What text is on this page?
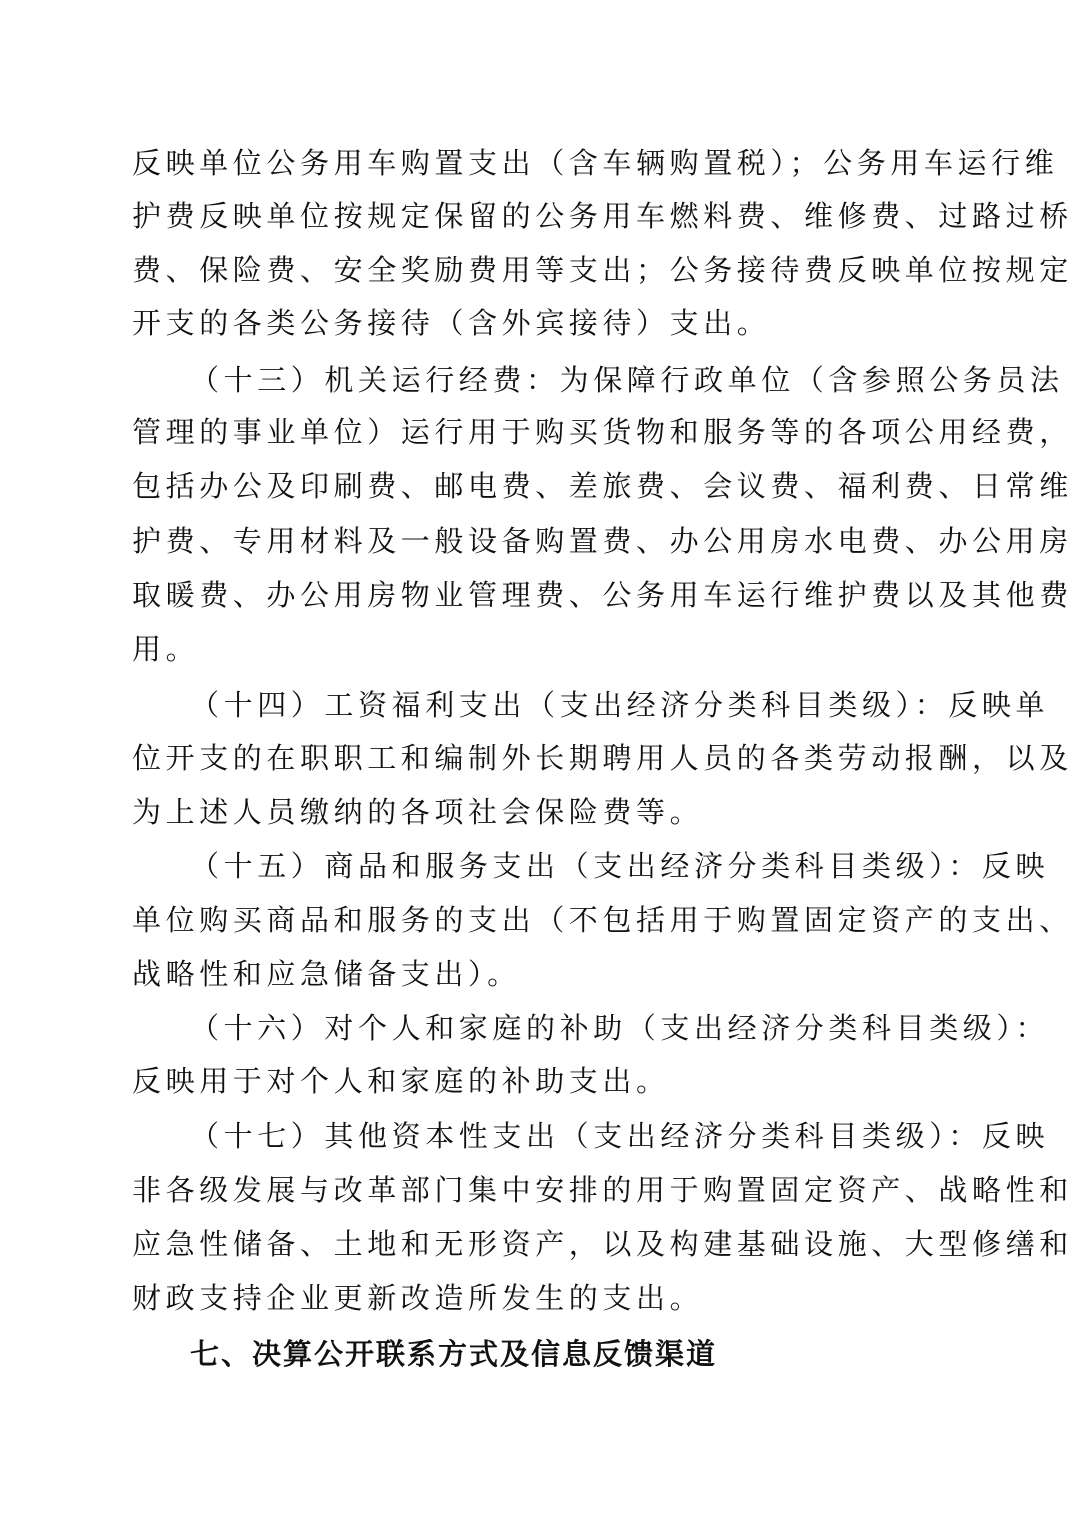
反映单位公务用车购置支出（含车辆购置税）；公务用车运行维
护费反映单位按规定保留的公务用车燃料费、维修费、过路过桥
费、保险费、安全奖励费用等支出；公务接待费反映单位按规定
开支的各类公务接待（含外宾接待）支出。
（十三）机关运行经费：为保障行政单位（含参照公务员法
管理的事业单位）运行用于购买货物和服务等的各项公用经费，
包括办公及印刷费、邮电费、差旅费、会议费、福利费、日常维
护费、专用材料及一般设备购置费、办公用房水电费、办公用房
取暖费、办公用房物业管理费、公务用车运行维护费以及其他费
用。
（十四）工资福利支出（支出经济分类科目类级）：反映单
位开支的在职职工和编制外长期聘用人员的各类劳动报酬，以及
为上述人员缴纳的各项社会保险费等。
（十五）商品和服务支出（支出经济分类科目类级）：反映
单位购买商品和服务的支出（不包括用于购置固定资产的支出、
战略性和应急储备支出）。
（十六）对个人和家庭的补助（支出经济分类科目类级）：
反映用于对个人和家庭的补助支出。
（十七）其他资本性支出（支出经济分类科目类级）：反映
非各级发展与改革部门集中安排的用于购置固定资产、战略性和
应急性储备、土地和无形资产，以及构建基础设施、大型修缮和
财政支持企业更新改造所发生的支出。
七、决算公开联系方式及信息反馈渠道
